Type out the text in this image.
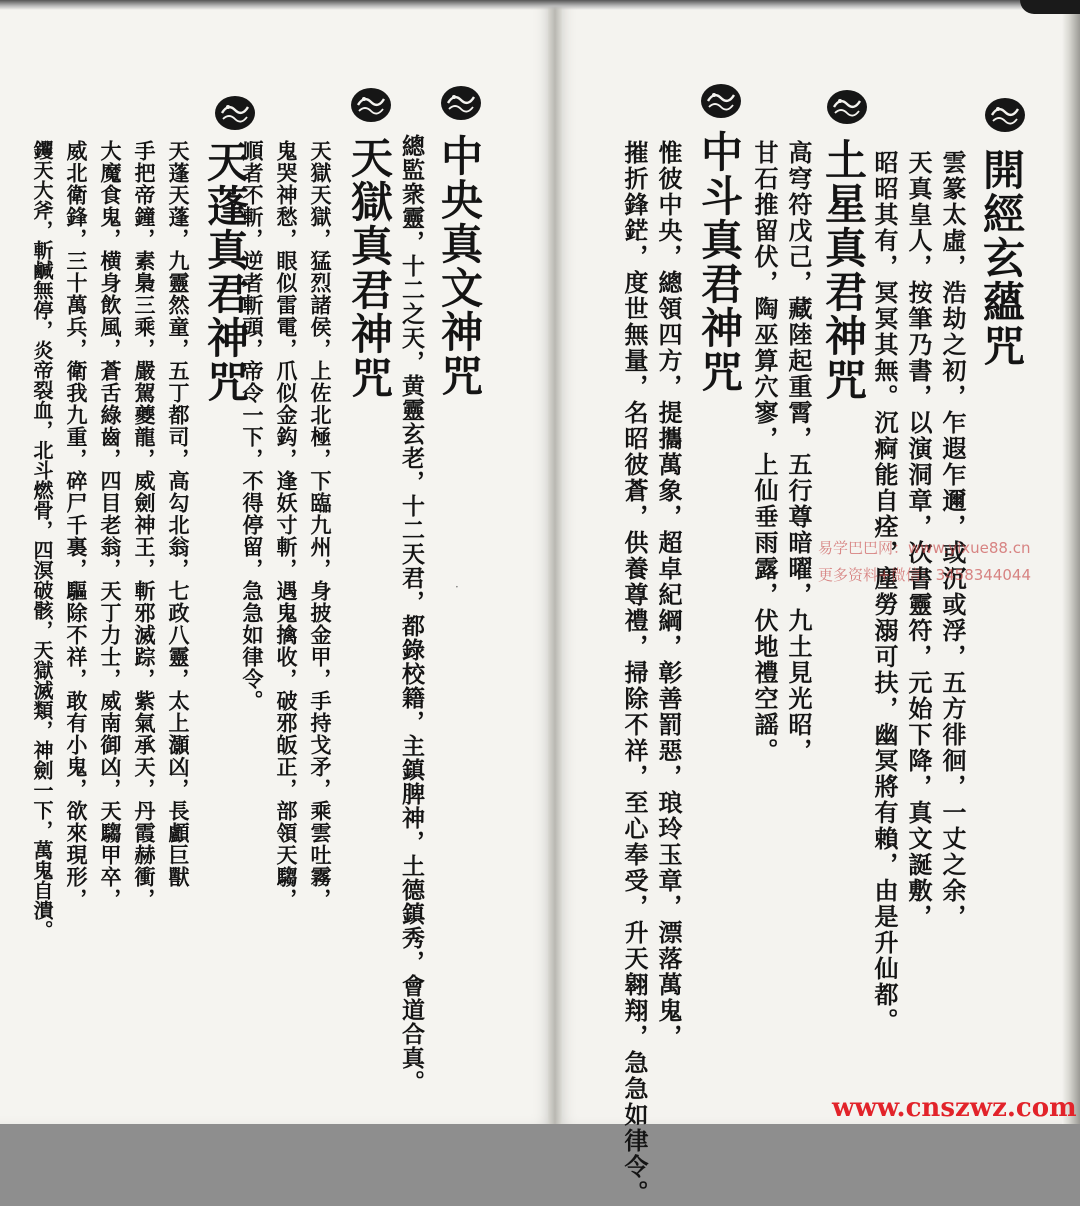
開經玄蘊咒
雲篆太虛，浩劫之初，乍遐乍邇，或沉或浮，五方徘徊，一丈之余，
天真皇人，按筆乃書，以演洞章，次書靈符，元始下降，真文誕敷，
昭昭其有，冥冥其無。沉痾能自痊，塵勞溺可扶，幽冥將有賴，由是升仙都。
土星真君神咒
高穹符戊己，藏陸起重霄，五行尊暗曜，九土見光昭，
甘石推留伏，陶巫算穴寥，上仙垂雨露，伏地禮空謡。
中斗真君神咒
惟彼中央，總領四方，提攜萬象，超卓紀綱，彰善罰惡，琅玲玉章，漂落萬鬼，
摧折鋒鋩，度世無量，名昭彼蒼，供養尊禮，掃除不祥，至心奉受，升天翱翔，急急如律令。
中央真文神咒
總監衆靈，十二之天，黄靈玄老，十二天君，都錄校籍，主鎮脾神，土德鎮秀，會道合真。
天獄真君神咒
天獄天獄，猛烈諸侯，上佐北極，下臨九州，身披金甲，手持戈矛，乘雲吐霧，
鬼哭神愁，眼似雷電，爪似金鈎，逢妖寸斬，遇鬼擒收，破邪皈正，部領天騶，
順者不斬，逆者斬頭，帝令一下，不得停留，急急如律令。
天蓬真君神咒
天蓬天蓬，九靈然童，五丁都司，高勾北翁，七政八靈，太上灝凶，長顱巨獸
手把帝鐘，素梟三乘，嚴駕夔龍，威劍神王，斬邪滅踪，紫氣承天，丹霞赫衝，
大魔食鬼，横身飲風，蒼舌綠齒，四目老翁，天丁力士，威南御凶，天騶甲卒，
威北衛鋒，三十萬兵，衛我九重，碎尸千裏，驅除不祥，敢有小鬼，欲來現形，
钁天大斧，斬鹹無停，炎帝裂血，北斗燃骨，四溟破骸，天獄滅類，神劍一下，萬鬼自潰。	·
易学巴巴网：www.yixue88.cn
更多资料+微信：3458344044
www.cnszwz.com
